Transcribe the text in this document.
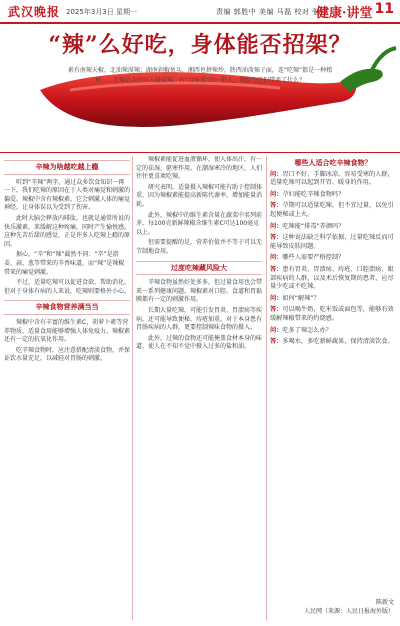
武汉晚报 2025年3月3日 星期一	责编 郭胜中 美编 马磊 校对 张强
健康·讲堂 11
“辣”么好吃，身体能否招架？
素有南辣天椒、北油辣漠辣；湖南剁椒鱼头，湘西也拼辣炒，陕西油泼辣子面，连“吃辣”都是一种精神……辛辣是全民中人最爱辣，有“口味重”的一批人，辣椒为它们带来了什么？
辛辣为啥越吃越上瘾

听到“辛辣”两字，通过众多饮食知识一再一下，我们吃辣的原因在于人类对痛觉和刺激的偏爱。辣椒中含有辣椒素，它会刺激人体的痛觉神经，让身体误以为受到了伤害。

此时大脑会释放内啡肽，也就是通常所说的快乐激素，来缓解这种疼痛，同时产生愉悦感。这种先苦后甜的感觉，正是许多人吃辣上瘾的原因。

据心，“辛”和“辣”截然不同：“辛”是指姜、蒜、葱等带来的辛香味道，而“辣”是辣椒带来的痛觉刺激。

不过，适量吃辣可以促进食欲、帮助消化，但对于身体有病的人来说，吃辣则要格外小心。

辛辣食物营养满当当

辣椒中含有丰富的维生素C、胡萝卜素等营养物质，适量食用能够增强人体免疫力。辣椒素还有一定的抗氧化作用。

吃辛辣食物时，应注意搭配清淡食物，并保证饮水量充足，以减轻对胃肠的刺激。

辣椒素能促进血液循环，使人体出汗，有一定的祛湿、驱寒作用。在潮湿寒冷的地区，人们往往更喜欢吃辣。

研究表明，适量摄入辣椒可能有助于控制体重，因为辣椒素能提高新陈代谢率，增加能量消耗。

此外，辣椒中的维生素含量在蔬菜中名列前茅，每100克新鲜辣椒含维生素C可达100毫克以上。

但需要提醒的是，营养价值并不等于可以无节制地食用。

过度吃辣藏风险大

辛辣食物虽然好处多多，但过量食用也会带来一系列健康问题。辣椒素对口腔、食道和胃黏膜都有一定的刺激作用。

长期大量吃辣，可能引发胃炎、胃溃疡等疾病，还可能导致便秘、痔疮加重。对于本身患有胃肠疾病的人群，更要控制辣味食物的摄入。

此外，过辣的食物还可能掩盖食材本身的味道，使人在不知不觉中摄入过多的盐和油。

哪些人适合吃辛辣食物？

问：胃口不好、手脚冰凉、容易受寒的人群，适量吃辣可以起到开胃、暖身的作用。

问：孕妇能吃辛辣食物吗？

答：孕期可以适量吃辣，但不宜过量，以免引起便秘或上火。

问：吃辣能“排毒”养颜吗？

答：这种说法缺乏科学依据，过量吃辣反而可能导致皮肤问题。

问：哪些人需要严格控制？

答：患有胃炎、胃溃疡、痔疮、口腔溃疡、眼部疾病的人群，以及术后恢复期的患者，应尽量少吃或不吃辣。

问：如何“解辣”？

答：可以喝牛奶、吃米饭或面包等，能够有效缓解辣椒带来的灼烧感。

问：吃多了辣怎么办？

答：多喝水，多吃新鲜蔬果，保持清淡饮食。

陈新文
人民网（来源：人民日报海外版）
